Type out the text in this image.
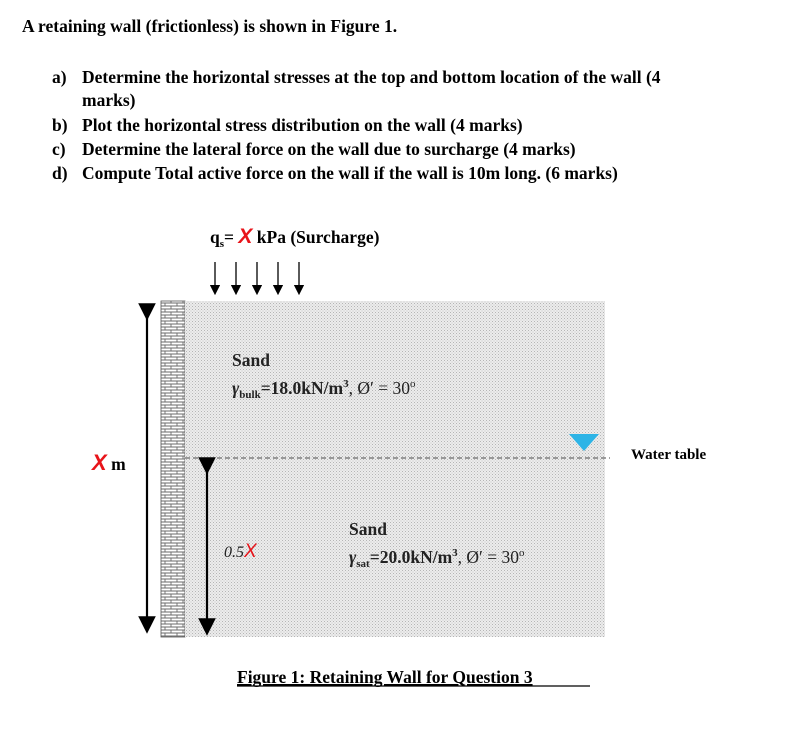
A retaining wall (frictionless) is shown in Figure 1.
a) Determine the horizontal stresses at the top and bottom location of the wall (4
marks)
b) Plot the horizontal stress distribution on the wall (4 marks)
c) Determine the lateral force on the wall due to surcharge (4 marks)
d) Compute Total active force on the wall if the wall is 10m long. (6 marks)
$q_s= X$ kPa (Surcharge)
Water table
X m
0.5X
Sand
$\gamma_{bulk}=18.0kN/m^3$, Ø′ = $30^o$
Sand
$\gamma_{sat}=20.0kN/m^3$, Ø′ = $30^o$
Figure 1: Retaining Wall for Question 3
